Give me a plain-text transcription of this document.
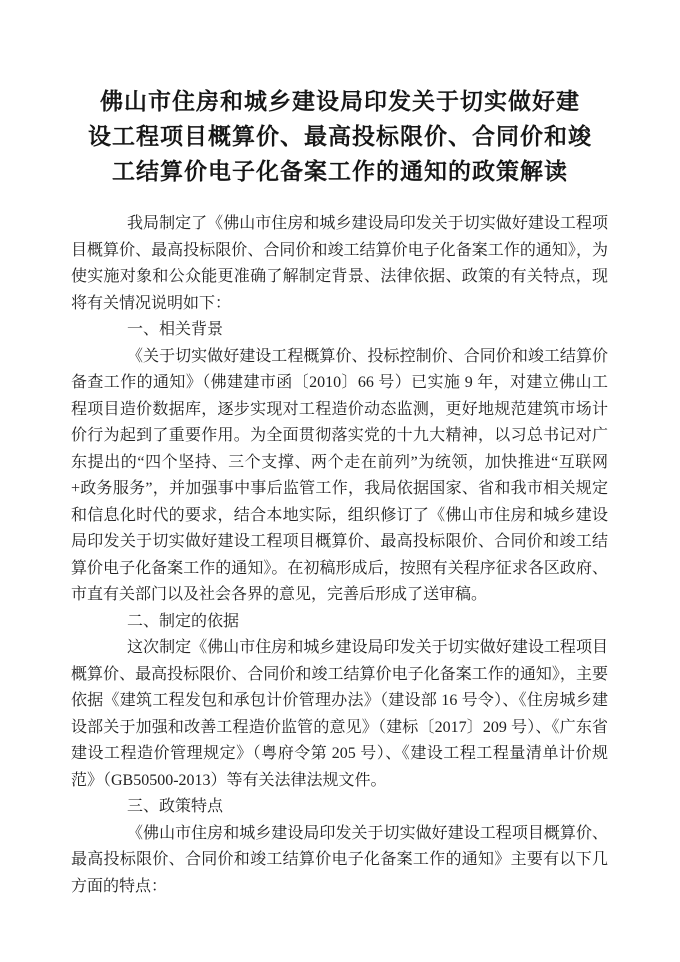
佛山市住房和城乡建设局印发关于切实做好建
设工程项目概算价、最高投标限价、合同价和竣
工结算价电子化备案工作的通知的政策解读

我局制定了《佛山市住房和城乡建设局印发关于切实做好建设工程项目概算价、最高投标限价、合同价和竣工结算价电子化备案工作的通知》，为使实施对象和公众能更准确了解制定背景、法律依据、政策的有关特点，现将有关情况说明如下：

一、相关背景

《关于切实做好建设工程概算价、投标控制价、合同价和竣工结算价备查工作的通知》（佛建建市函〔2010〕66 号）已实施 9 年，对建立佛山工程项目造价数据库，逐步实现对工程造价动态监测，更好地规范建筑市场计价行为起到了重要作用。为全面贯彻落实党的十九大精神，以习总书记对广东提出的“四个坚持、三个支撑、两个走在前列”为统领，加快推进“互联网+政务服务”，并加强事中事后监管工作，我局依据国家、省和我市相关规定和信息化时代的要求，结合本地实际，组织修订了《佛山市住房和城乡建设局印发关于切实做好建设工程项目概算价、最高投标限价、合同价和竣工结算价电子化备案工作的通知》。在初稿形成后，按照有关程序征求各区政府、市直有关部门以及社会各界的意见，完善后形成了送审稿。

二、制定的依据

这次制定《佛山市住房和城乡建设局印发关于切实做好建设工程项目概算价、最高投标限价、合同价和竣工结算价电子化备案工作的通知》，主要依据《建筑工程发包和承包计价管理办法》（建设部 16 号令）、《住房城乡建设部关于加强和改善工程造价监管的意见》（建标〔2017〕209 号）、《广东省建设工程造价管理规定》（粤府令第 205 号）、《建设工程工程量清单计价规范》（GB50500-2013）等有关法律法规文件。

三、政策特点

《佛山市住房和城乡建设局印发关于切实做好建设工程项目概算价、最高投标限价、合同价和竣工结算价电子化备案工作的通知》主要有以下几方面的特点：
